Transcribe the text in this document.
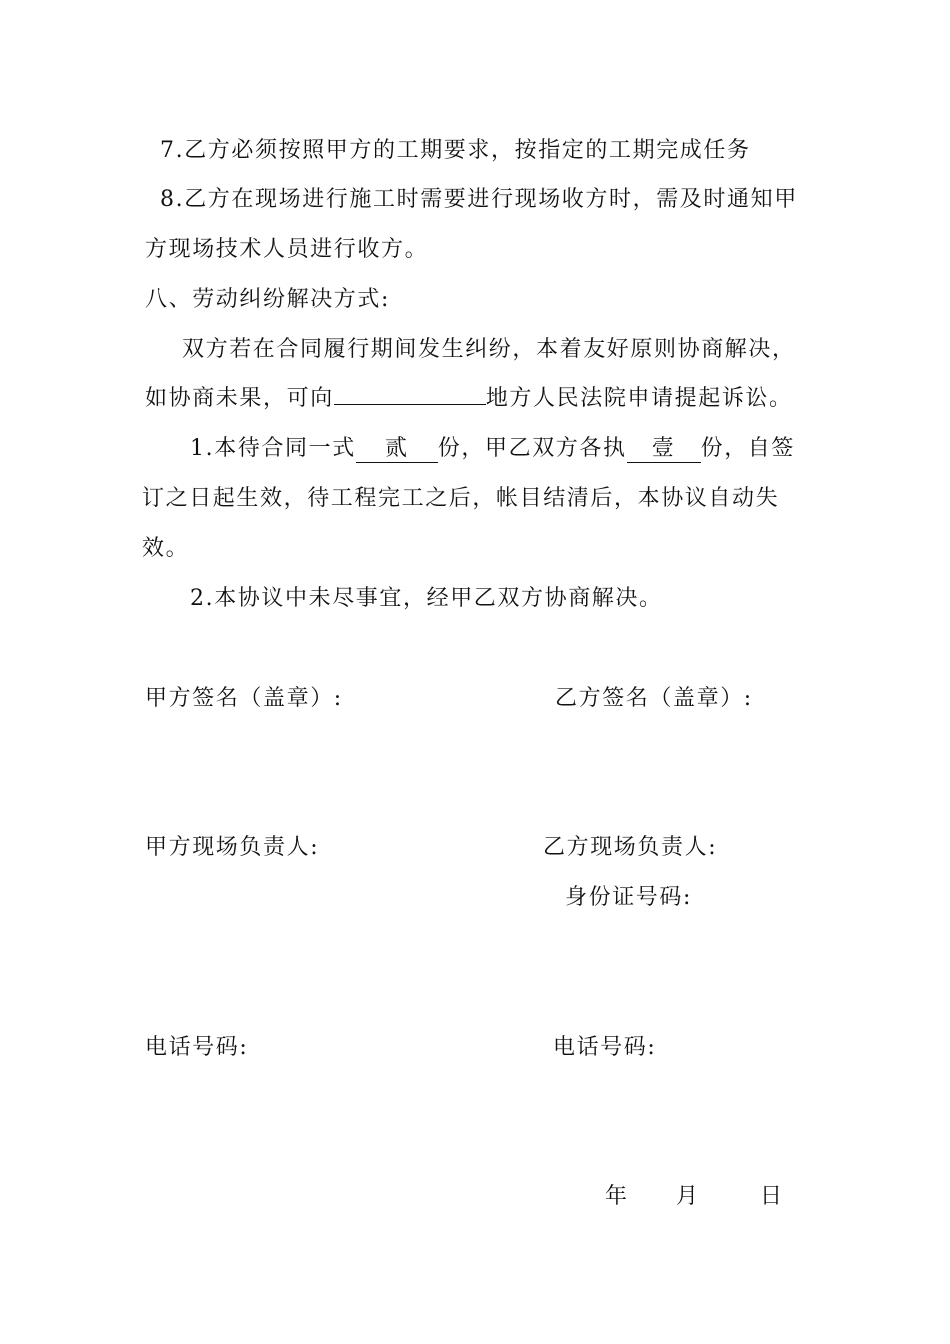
7.乙方必须按照甲方的工期要求，按指定的工期完成任务
8.乙方在现场进行施工时需要进行现场收方时，需及时通知甲
方现场技术人员进行收方。
八、劳动纠纷解决方式:
双方若在合同履行期间发生纠纷，本着友好原则协商解决，
如协商未果，可向	地方人民法院申请提起诉讼。
1.本待合同一式 贰 份，甲乙双方各执 壹 份，自签
订之日起生效，待工程完工之后，帐目结清后，本协议自动失
效。
2.本协议中未尽事宜，经甲乙双方协商解决。
甲方签名（盖章）:	乙方签名（盖章）:
甲方现场负责人:	乙方现场负责人:
身份证号码:
电话号码:	电话号码:
年 月	日
